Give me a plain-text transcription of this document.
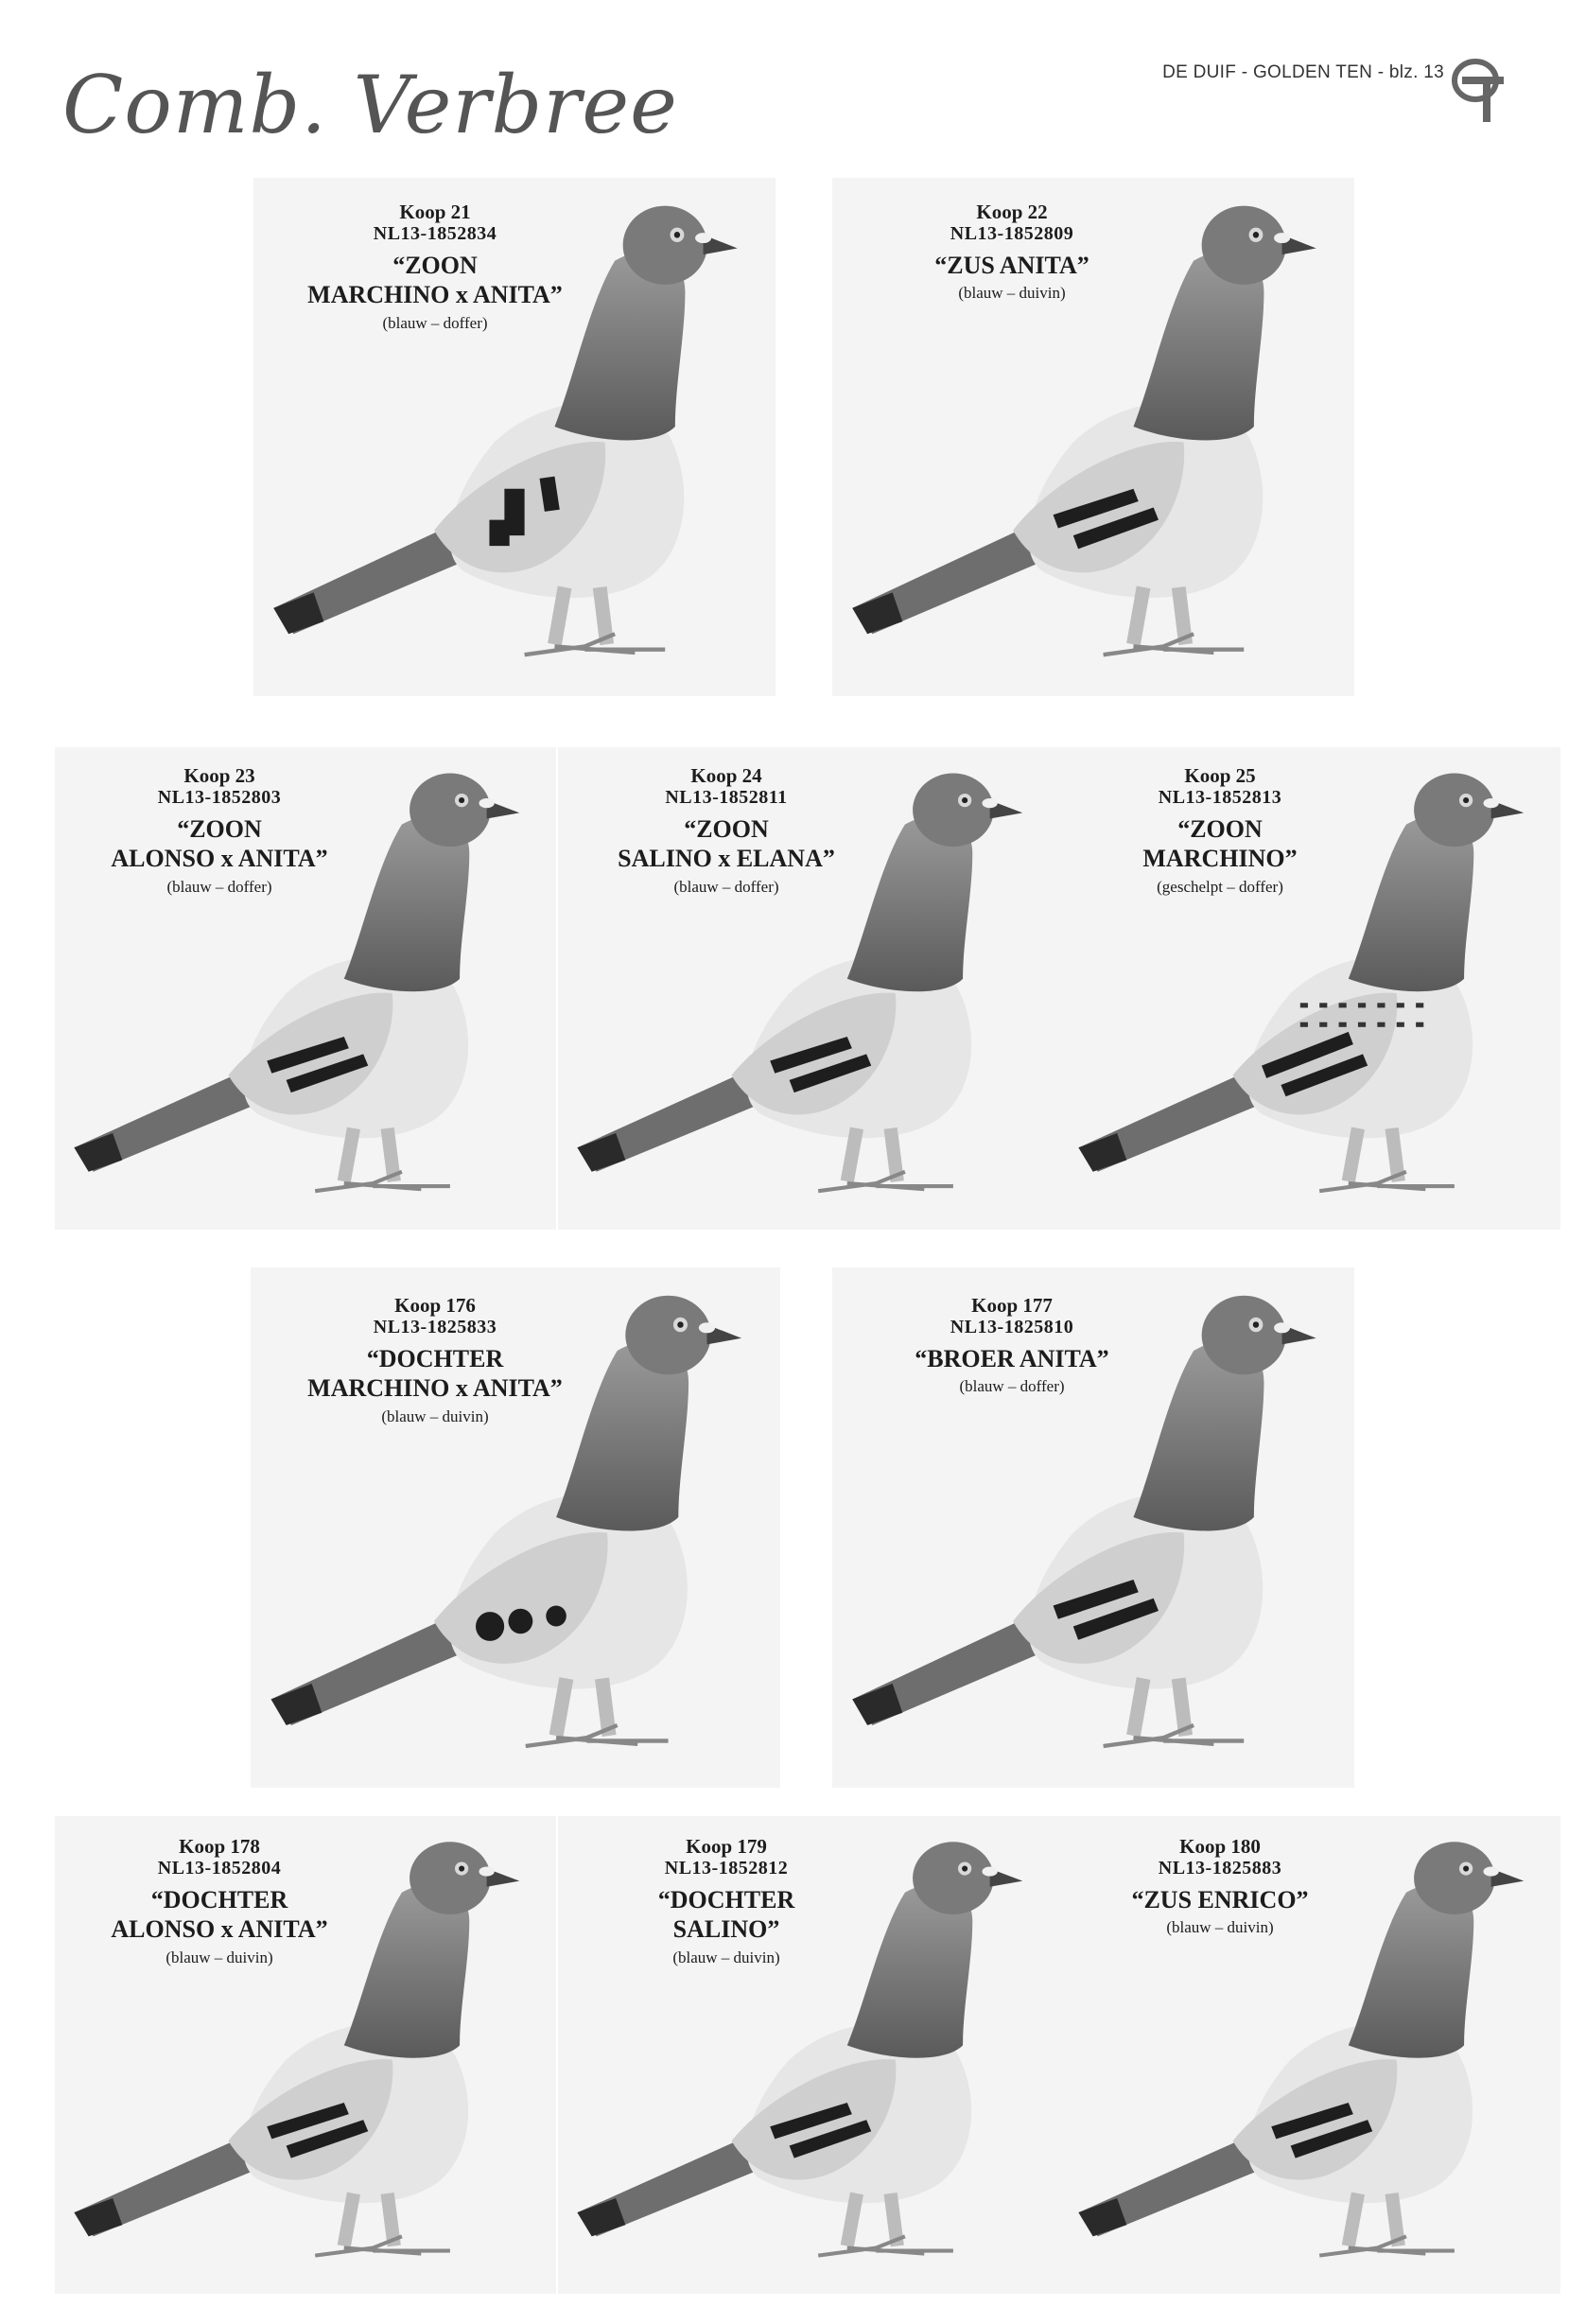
Comb. Verbree	DE DUIF - GOLDEN TEN - blz. 13
Koop 21
NL13-1852834
“ZOON
MARCHINO x ANITA”
(blauw – doffer)
Koop 22
NL13-1852809
“ZUS ANITA”
(blauw – duivin)
Koop 23
NL13-1852803
“ZOON
ALONSO x ANITA”
(blauw – doffer)
Koop 24
NL13-1852811
“ZOON
SALINO x ELANA”
(blauw – doffer)
Koop 25
NL13-1852813
“ZOON
MARCHINO”
(geschelpt – doffer)
Koop 176
NL13-1825833
“DOCHTER
MARCHINO x ANITA”
(blauw – duivin)
Koop 177
NL13-1825810
“BROER ANITA”
(blauw – doffer)
Koop 178
NL13-1852804
“DOCHTER
ALONSO x ANITA”
(blauw – duivin)
Koop 179
NL13-1852812
“DOCHTER
SALINO”
(blauw – duivin)
Koop 180
NL13-1825883
“ZUS ENRICO”
(blauw – duivin)
